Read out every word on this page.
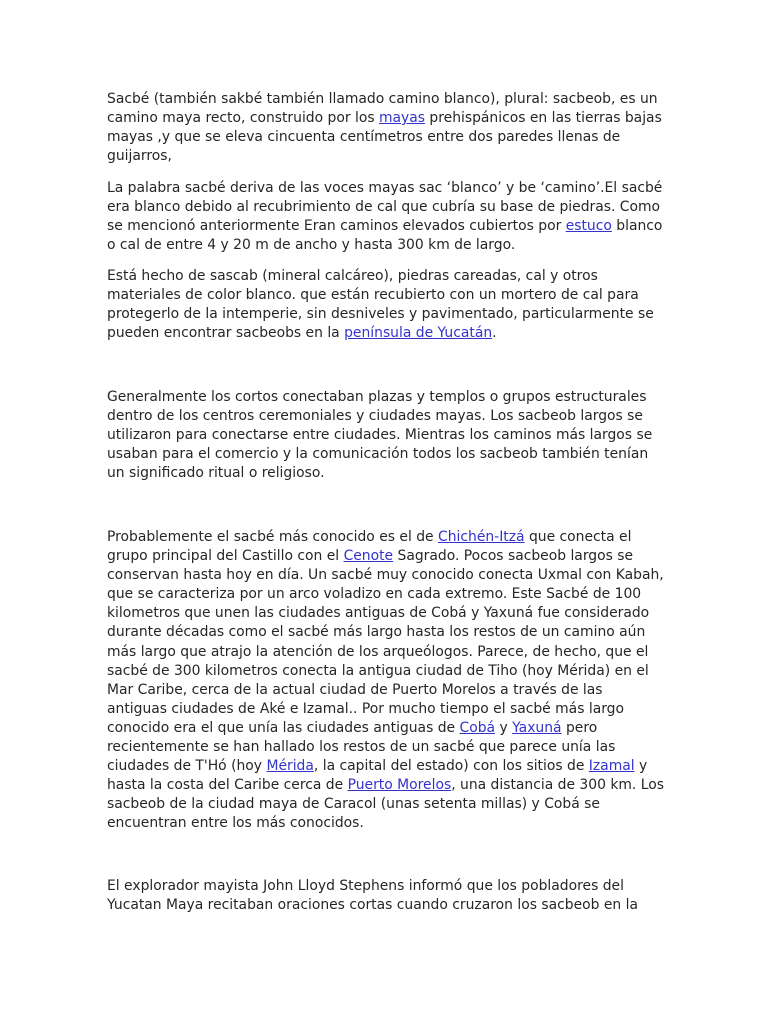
Sacbé (también sakbé también llamado camino blanco), plural: sacbeob, es un
camino maya recto, construido por los mayas prehispánicos en las tierras bajas
mayas ,y que se eleva cincuenta centímetros entre dos paredes llenas de
guijarros,
La palabra sacbé deriva de las voces mayas sac ‘blanco’ y be ‘camino’.El sacbé
era blanco debido al recubrimiento de cal que cubría su base de piedras. Como
se mencionó anteriormente Eran caminos elevados cubiertos por estuco blanco
o cal de entre 4 y 20 m de ancho y hasta 300 km de largo.
Está hecho de sascab (mineral calcáreo), piedras careadas, cal y otros
materiales de color blanco. que están recubierto con un mortero de cal para
protegerlo de la intemperie, sin desniveles y pavimentado, particularmente se
pueden encontrar sacbeobs en la península de Yucatán.
Generalmente los cortos conectaban plazas y templos o grupos estructurales
dentro de los centros ceremoniales y ciudades mayas. Los sacbeob largos se
utilizaron para conectarse entre ciudades. Mientras los caminos más largos se
usaban para el comercio y la comunicación todos los sacbeob también tenían
un significado ritual o religioso.
Probablemente el sacbé más conocido es el de Chichén-Itzá que conecta el
grupo principal del Castillo con el Cenote Sagrado. Pocos sacbeob largos se
conservan hasta hoy en día. Un sacbé muy conocido conecta Uxmal con Kabah,
que se caracteriza por un arco voladizo en cada extremo. Este Sacbé de 100
kilometros que unen las ciudades antiguas de Cobá y Yaxuná fue considerado
durante décadas como el sacbé más largo hasta los restos de un camino aún
más largo que atrajo la atención de los arqueólogos. Parece, de hecho, que el
sacbé de 300 kilometros conecta la antigua ciudad de Tiho (hoy Mérida) en el
Mar Caribe, cerca de la actual ciudad de Puerto Morelos a través de las
antiguas ciudades de Aké e Izamal.. Por mucho tiempo el sacbé más largo
conocido era el que unía las ciudades antiguas de Cobá y Yaxuná pero
recientemente se han hallado los restos de un sacbé que parece unía las
ciudades de T'Hó (hoy Mérida, la capital del estado) con los sitios de Izamal y
hasta la costa del Caribe cerca de Puerto Morelos, una distancia de 300 km. Los
sacbeob de la ciudad maya de Caracol (unas setenta millas) y Cobá se
encuentran entre los más conocidos.
El explorador mayista John Lloyd Stephens informó que los pobladores del
Yucatan Maya recitaban oraciones cortas cuando cruzaron los sacbeob en la
